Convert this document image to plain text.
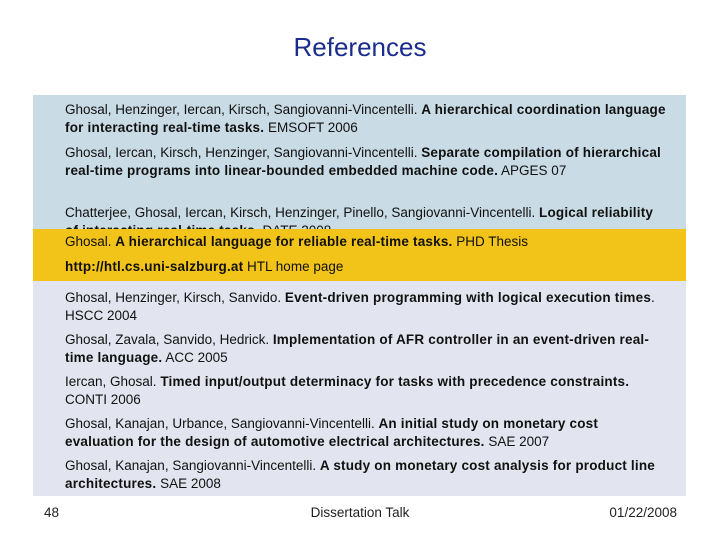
References
Ghosal, Henzinger, Iercan, Kirsch, Sangiovanni-Vincentelli. A hierarchical coordination language for interacting real-time tasks. EMSOFT 2006
Ghosal, Iercan, Kirsch, Henzinger, Sangiovanni-Vincentelli. Separate compilation of hierarchical real-time programs into linear-bounded embedded machine code. APGES 07
Chatterjee, Ghosal, Iercan, Kirsch, Henzinger, Pinello, Sangiovanni-Vincentelli. Logical reliability
Ghosal. A hierarchical language for reliable real-time tasks. PHD Thesis
http://htl.cs.uni-salzburg.at HTL home page
Ghosal, Henzinger, Kirsch, Sanvido. Event-driven programming with logical execution times. HSCC 2004
Ghosal, Zavala, Sanvido, Hedrick. Implementation of AFR controller in an event-driven real-time language. ACC 2005
Iercan, Ghosal. Timed input/output determinacy for tasks with precedence constraints. CONTI 2006
Ghosal, Kanajan, Urbance, Sangiovanni-Vincentelli. An initial study on monetary cost evaluation for the design of automotive electrical architectures. SAE 2007
Ghosal, Kanajan, Sangiovanni-Vincentelli. A study on monetary cost analysis for product line architectures. SAE 2008
48	Dissertation Talk	01/22/2008
